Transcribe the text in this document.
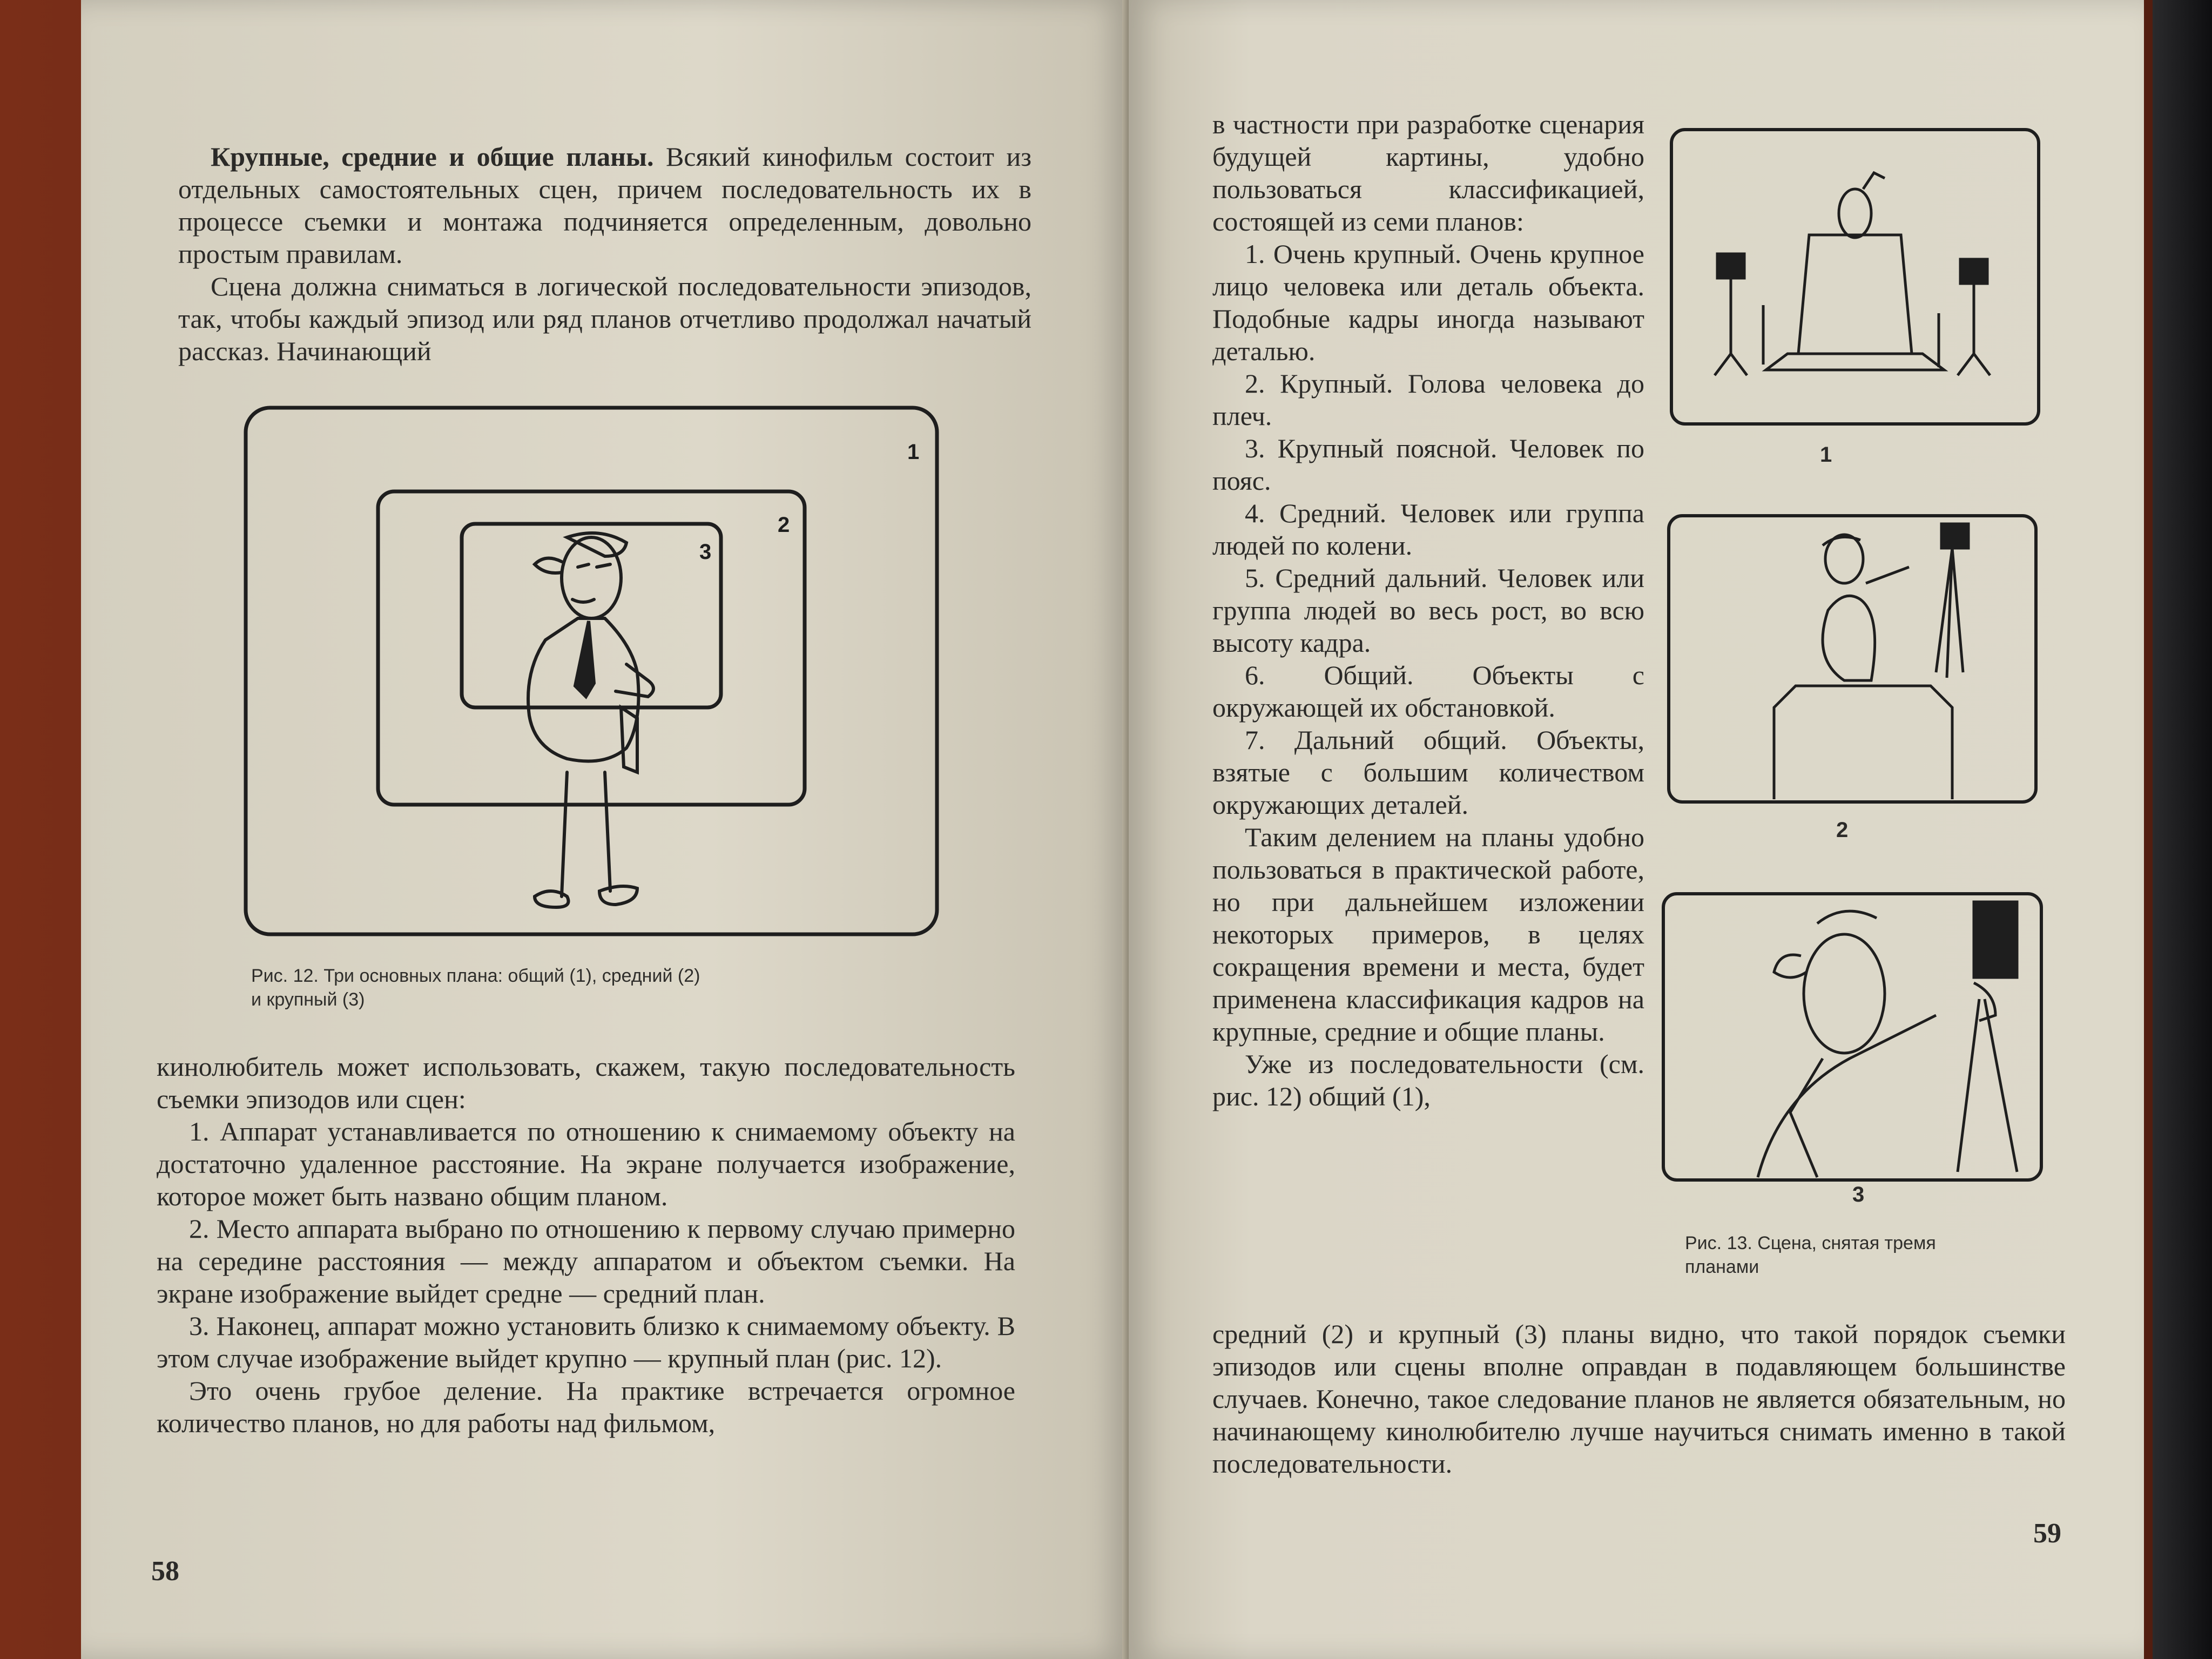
Крупные, средние и общие планы. Всякий кинофильм состоит из отдельных самостоятельных сцен, причем последовательность их в процессе съемки и монтажа подчиняется определенным, довольно простым правилам.

Сцена должна сниматься в логической последовательности эпизодов, так, чтобы каждый эпизод или ряд планов отчетливо продолжал начатый рассказ. Начинающий

1
2
3
Рис. 12. Три основных плана: общий (1), средний (2)
и крупный (3)

кинолюбитель может использовать, скажем, такую последовательность съемки эпизодов или сцен:

1. Аппарат устанавливается по отношению к снимаемому объекту на достаточно удаленное расстояние. На экране получается изображение, которое может быть названо общим планом.

2. Место аппарата выбрано по отношению к первому случаю примерно на середине расстояния — между аппаратом и объектом съемки. На экране изображение выйдет средне — средний план.

3. Наконец, аппарат можно установить близко к снимаемому объекту. В этом случае изображение выйдет крупно — крупный план (рис. 12).

Это очень грубое деление. На практике встречается огромное количество планов, но для работы над фильмом,

58

в частности при разработке сценария будущей картины, удобно пользоваться классификацией, состоящей из семи планов:

1. Очень крупный. Очень крупное лицо человека или деталь объекта. Подобные кадры иногда называют деталью.

2. Крупный. Голова человека до плеч.

3. Крупный поясной. Человек по пояс.

4. Средний. Человек или группа людей по колени.

5. Средний дальний. Человек или группа людей во весь рост, во всю высоту кадра.

6. Общий. Объекты с окружающей их обстановкой.

7. Дальний общий. Объекты, взятые с большим количеством окружающих деталей.

Таким делением на планы удобно пользоваться в практической работе, но при дальнейшем изложении некоторых примеров, в целях сокращения времени и места, будет применена классификация кадров на крупные, средние и общие планы.

Уже из последовательности (см. рис. 12) общий (1),

средний (2) и крупный (3) планы видно, что такой порядок съемки эпизодов или сцены вполне оправдан в подавляющем большинстве случаев. Конечно, такое следование планов не является обязательным, но начинающему кинолюбителю лучше научиться снимать именно в такой последовательности.

1
2
3
Рис. 13. Сцена, снятая тремя
планами
59
